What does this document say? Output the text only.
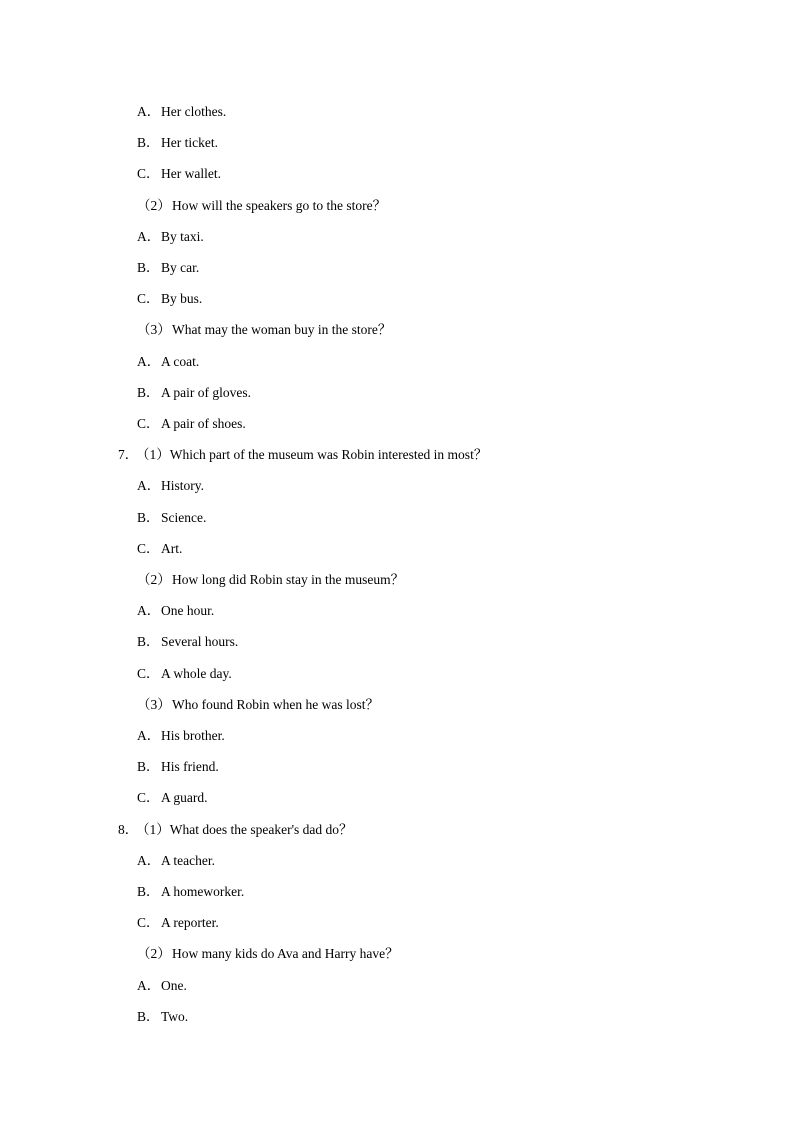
A．Her clothes.
B．Her ticket.
C．Her wallet.
（2）How will the speakers go to the store？
A．By taxi.
B．By car.
C．By bus.
（3）What may the woman buy in the store？
A．A coat.
B．A pair of gloves.
C．A pair of shoes.
7．（1）Which part of the museum was Robin interested in most？
A．History.
B．Science.
C．Art.
（2）How long did Robin stay in the museum？
A．One hour.
B．Several hours.
C．A whole day.
（3）Who found Robin when he was lost？
A．His brother.
B．His friend.
C．A guard.
8．（1）What does the speaker's dad do？
A．A teacher.
B．A homeworker.
C．A reporter.
（2）How many kids do Ava and Harry have？
A．One.
B．Two.
